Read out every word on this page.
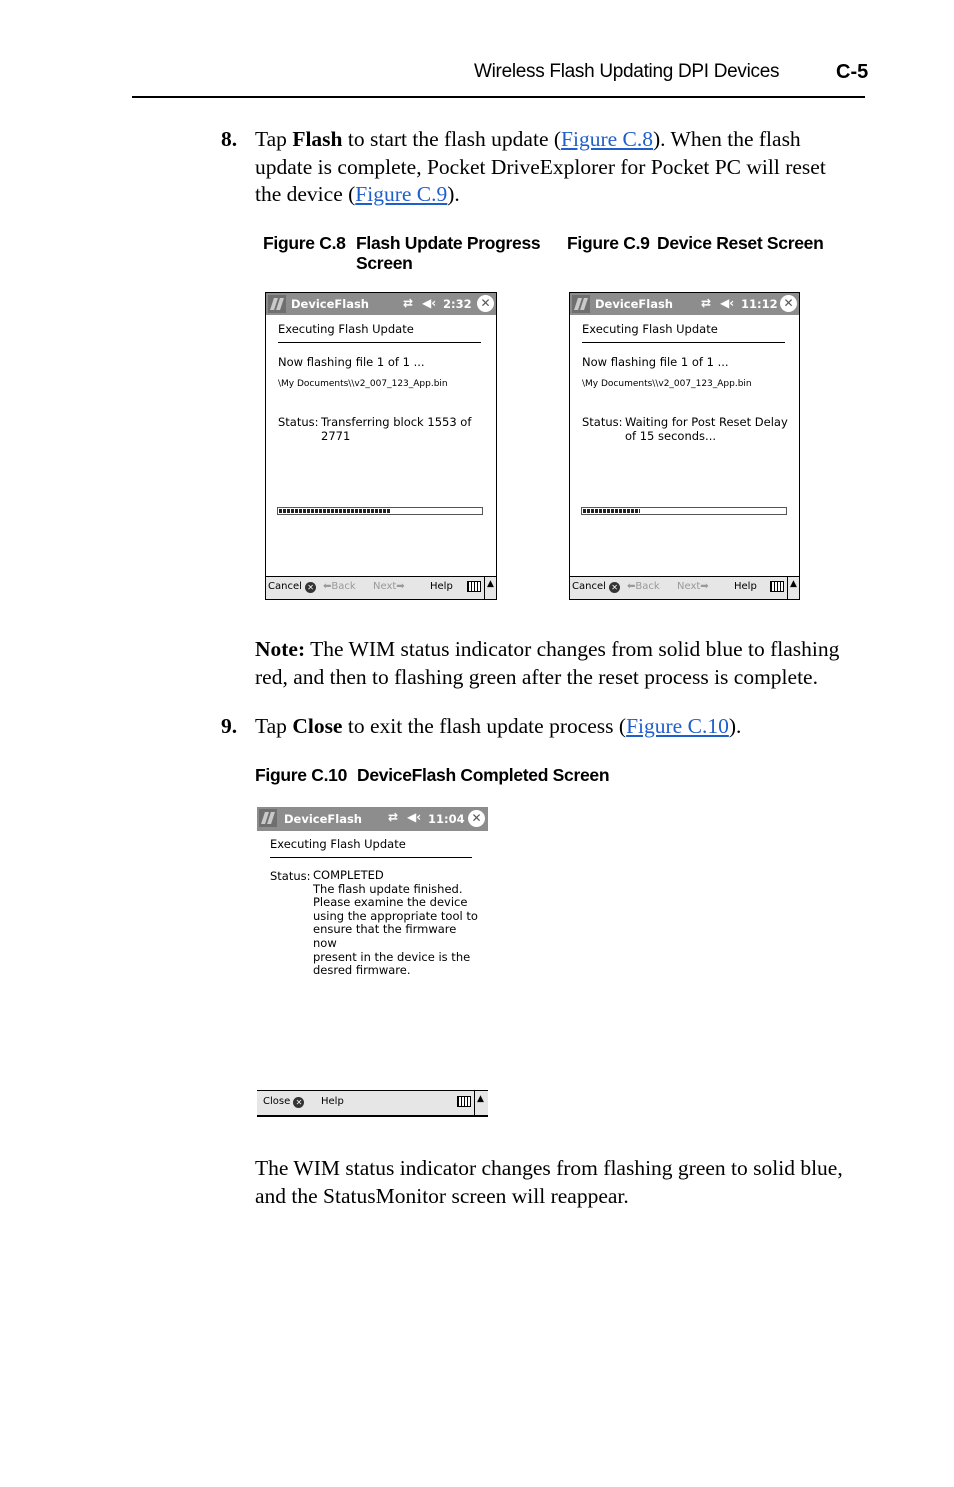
Wireless Flash Updating DPI Devices	C-5
8. Tap Flash to start the flash update (Figure C.8). When the flash
update is complete, Pocket DriveExplorer for Pocket PC will reset
the device (Figure C.9).
Figure C.8 Flash Update Progress
Screen
Figure C.9 Device Reset Screen
DeviceFlash	⇄ ◀‹ 2:32 ✕
Executing Flash Update
Now flashing file 1 of 1 ...
\My Documents\\v2_007_123_App.bin
Status: Transferring block 1553 of
2771
Cancel ✕ ⬅Back Next➡	Help	▲
DeviceFlash ⇄ ◀‹ 11:12 ✕
Executing Flash Update
Now flashing file 1 of 1 ...
\My Documents\\v2_007_123_App.bin
Status: Waiting for Post Reset Delay
of 15 seconds...
Cancel ✕ ⬅Back Next➡	Help	▲
Note: The WIM status indicator changes from solid blue to flashing
red, and then to flashing green after the reset process is complete.
9. Tap Close to exit the flash update process (Figure C.10).
Figure C.10 DeviceFlash Completed Screen
DeviceFlash ⇄ ◀‹ 11:04 ✕
Executing Flash Update
Status: COMPLETED
The flash update finished.
Please examine the device
using the appropriate tool to
ensure that the firmware now
present in the device is the
desred firmware.
Close ✕ Help	▲
The WIM status indicator changes from flashing green to solid blue,
and the StatusMonitor screen will reappear.
